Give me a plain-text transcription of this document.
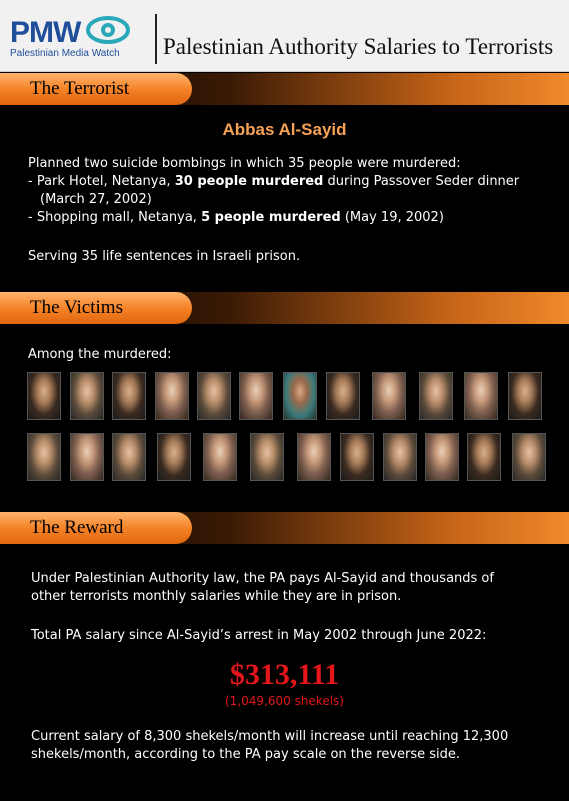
PMW
Palestinian Media Watch Palestinian Authority Salaries to Terrorists
The Terrorist
Abbas Al-Sayid
Planned two suicide bombings in which 35 people were murdered:
- Park Hotel, Netanya, 30 people murdered during Passover Seder dinner
(March 27, 2002)
- Shopping mall, Netanya, 5 people murdered (May 19, 2002)
Serving 35 life sentences in Israeli prison.
The Victims
Among the murdered:
The Reward
Under Palestinian Authority law, the PA pays Al-Sayid and thousands of
other terrorists monthly salaries while they are in prison.
Total PA salary since Al-Sayid’s arrest in May 2002 through June 2022:
$313,111
(1,049,600 shekels)
Current salary of 8,300 shekels/month will increase until reaching 12,300
shekels/month, according to the PA pay scale on the reverse side.
